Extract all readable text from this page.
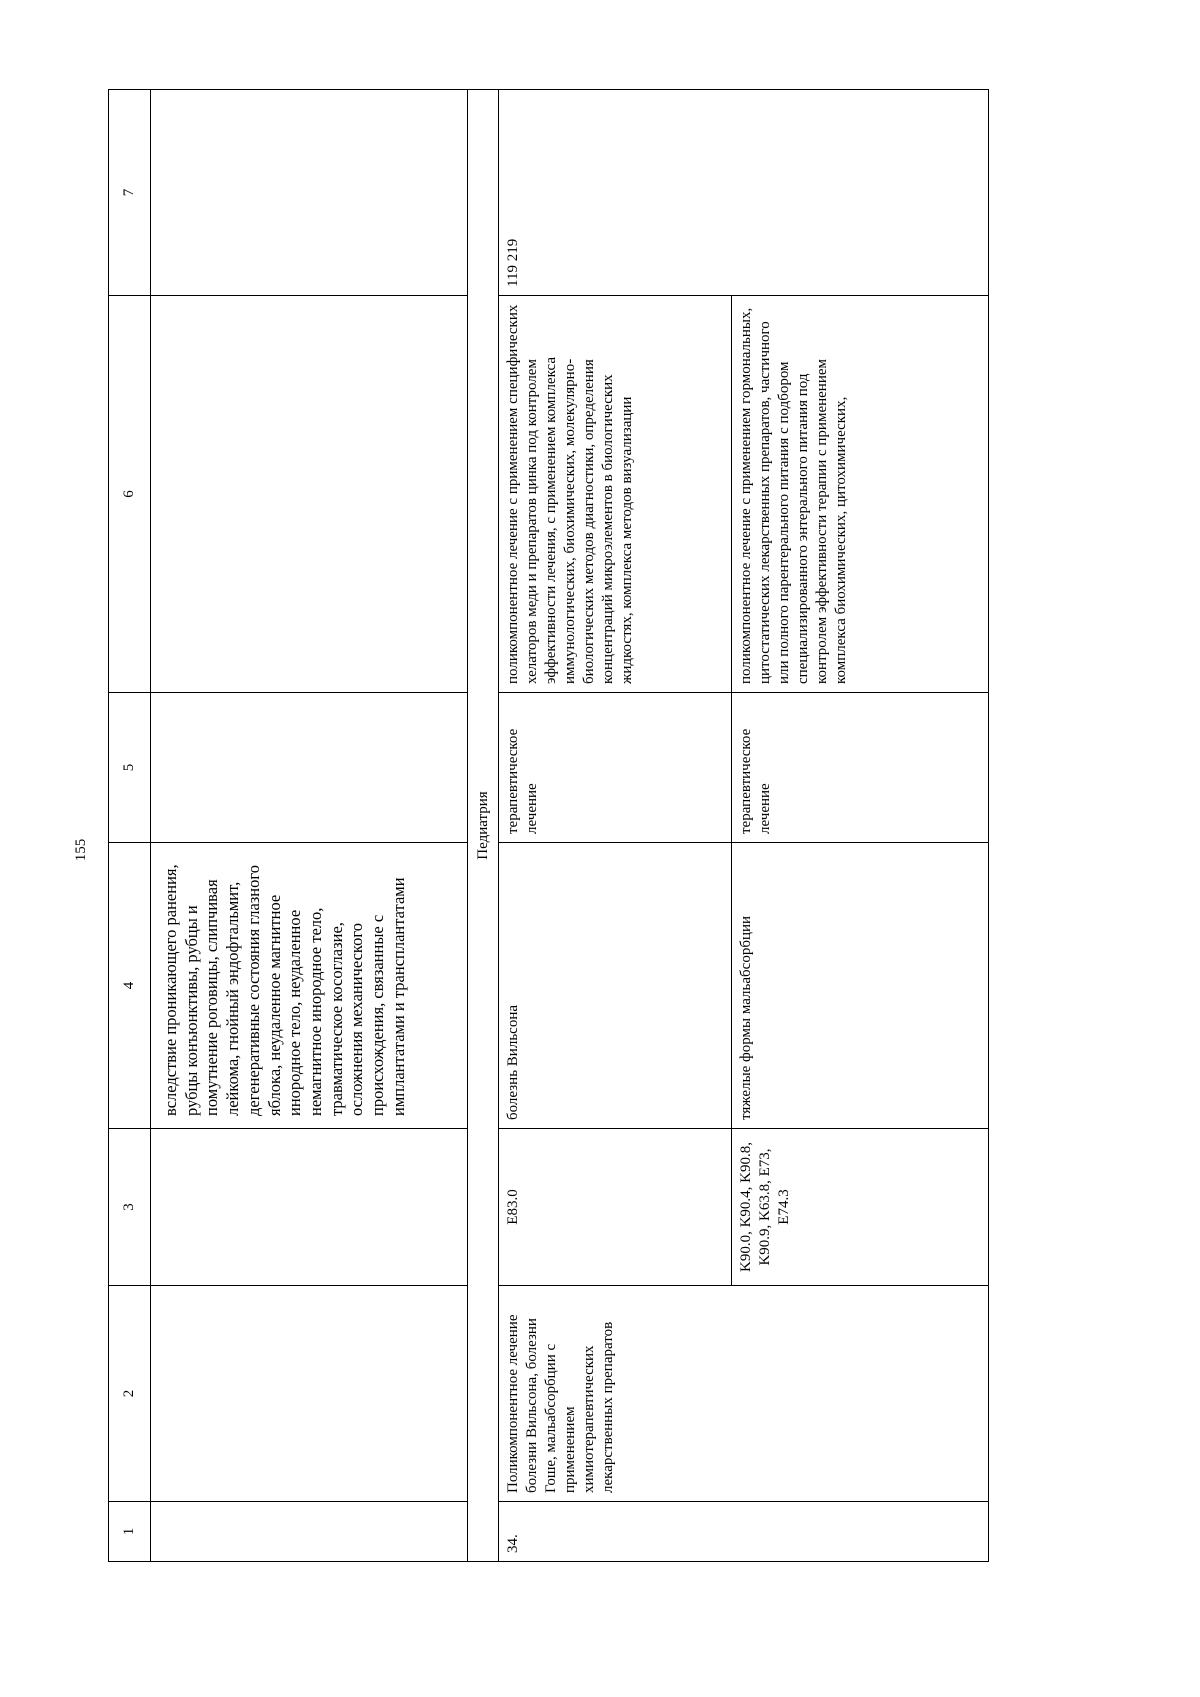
155
1	2	3	4	5	6	7
			вследствие проникающего ранения, рубцы конъюнктивы, рубцы и помутнение роговицы, слипчивая лейкома, гнойный эндофтальмит, дегенеративные состояния глазного яблока, неудаленное магнитное инородное тело, неудаленное немагнитное инородное тело, травматическое косоглазие, осложнения механического происхождения, связанные с имплантатами и трансплантатами			
Педиатрия						
34.	Поликомпонентное лечение болезни Вильсона, болезни Гоше, мальабсорбции с применением химиотерапевтических лекарственных препаратов	E83.0	болезнь Вильсона	терапевтическое лечение	поликомпонентное лечение с применением специфических хелаторов меди и препаратов цинка под контролем эффективности лечения, с применением комплекса иммунологических, биохимических, молекулярно-биологических методов диагностики, определения концентраций микроэлементов в биологических жидкостях, комплекса методов визуализации	119 219
		K90.0, K90.4, K90.8, K90.9, K63.8, E73, E74.3	тяжелые формы мальабсорбции	терапевтическое лечение	поликомпонентное лечение с применением гормональных, цитостатических лекарственных препаратов, частичного или полного парентерального питания с подбором специализированного энтерального питания под контролем эффективности терапии с применением комплекса биохимических, цитохимических,	
